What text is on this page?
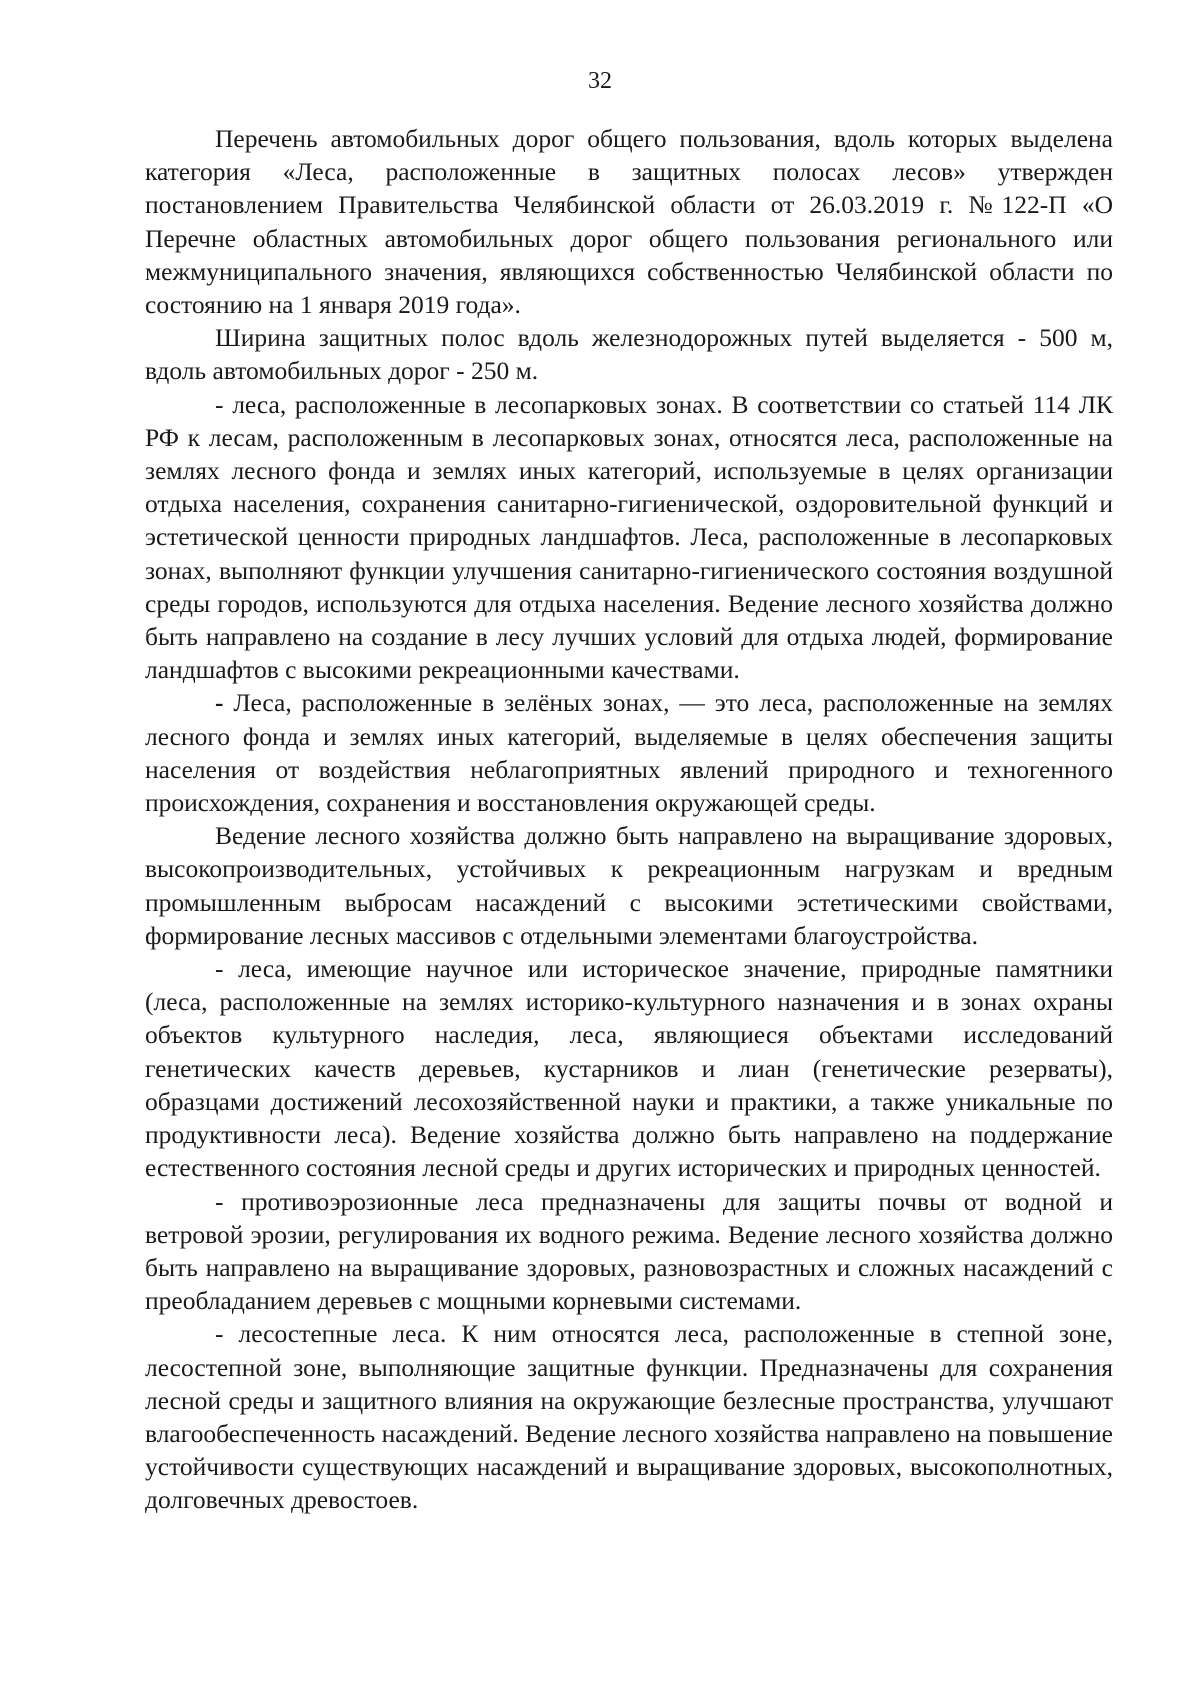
32

Перечень автомобильных дорог общего пользования, вдоль которых выделена категория «Леса, расположенные в защитных полосах лесов» утвержден постановлением Правительства Челябинской области от 26.03.2019 г. №122-П «О Перечне областных автомобильных дорог общего пользования регионального или межмуниципального значения, являющихся собственностью Челябинской области по состоянию на 1 января 2019 года».

Ширина защитных полос вдоль железнодорожных путей выделяется - 500 м, вдоль автомобильных дорог - 250 м.

- леса, расположенные в лесопарковых зонах. В соответствии со статьей 114 ЛК РФ к лесам, расположенным в лесопарковых зонах, относятся леса, расположенные на землях лесного фонда и землях иных категорий, используемые в целях организации отдыха населения, сохранения санитарно-гигиенической, оздоровительной функций и эстетической ценности природных ландшафтов. Леса, расположенные в лесопарковых зонах, выполняют функции улучшения санитарно-гигиенического состояния воздушной среды городов, используются для отдыха населения. Ведение лесного хозяйства должно быть направлено на создание в лесу лучших условий для отдыха людей, формирование ландшафтов с высокими рекреационными качествами.

- Леса, расположенные в зелёных зонах, — это леса, расположенные на землях лесного фонда и землях иных категорий, выделяемые в целях обеспечения защиты населения от воздействия неблагоприятных явлений природного и техногенного происхождения, сохранения и восстановления окружающей среды.

Ведение лесного хозяйства должно быть направлено на выращивание здоровых, высокопроизводительных, устойчивых к рекреационным нагрузкам и вредным промышленным выбросам насаждений с высокими эстетическими свойствами, формирование лесных массивов с отдельными элементами благоустройства.

- леса, имеющие научное или историческое значение, природные памятники (леса, расположенные на землях историко-культурного назначения и в зонах охраны объектов культурного наследия, леса, являющиеся объектами исследований генетических качеств деревьев, кустарников и лиан (генетические резерваты), образцами достижений лесохозяйственной науки и практики, а также уникальные по продуктивности леса). Ведение хозяйства должно быть направлено на поддержание естественного состояния лесной среды и других исторических и природных ценностей.

- противоэрозионные леса предназначены для защиты почвы от водной и ветровой эрозии, регулирования их водного режима. Ведение лесного хозяйства должно быть направлено на выращивание здоровых, разновозрастных и сложных насаждений с преобладанием деревьев с мощными корневыми системами.

- лесостепные леса. К ним относятся леса, расположенные в степной зоне, лесостепной зоне, выполняющие защитные функции. Предназначены для сохранения лесной среды и защитного влияния на окружающие безлесные пространства, улучшают влагообеспеченность насаждений. Ведение лесного хозяйства направлено на повышение устойчивости существующих насаждений и выращивание здоровых, высокополнотных, долговечных древостоев.
